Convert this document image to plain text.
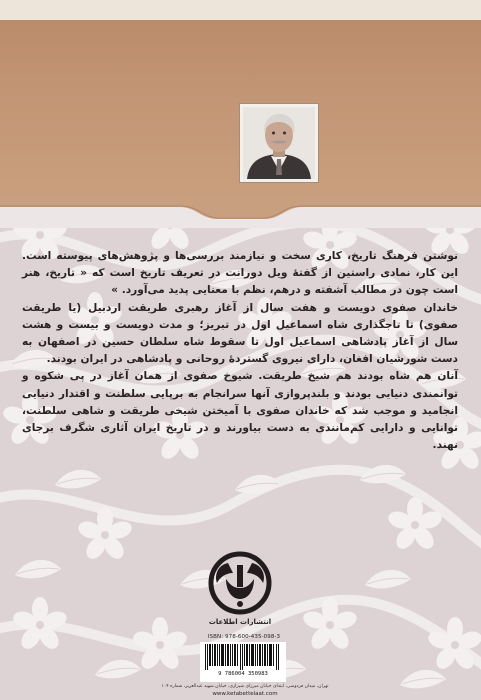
نوشتن فرهنگ تاریخ، کاری سخت و نیازمند بررسی‌ها و پژوهش‌های پیوسته است. این کار، نمادی راستین از گفتهٔ ویل دورانت در تعریف تاریخ است که « تاریخ، هنر است چون در مطالب آشفته و درهم، نظم با معنایی پدید می‌آورد. »

خاندان صفوی دویست و هفت سال از آغاز رهبری طریقت اردبیل (یا طریقت صفوی) تا تاجگذاری شاه اسماعیل اول در تبریز؛ و مدت دویست و بیست و هشت سال از آغاز پادشاهی اسماعیل اول تا سقوط شاه سلطان حسین در اصفهان به دست شورشیان افغان، دارای نیروی گستردهٔ روحانی و پادشاهی در ایران بودند.

آنان هم شاه بودند هم شیخ طریقت. شیوخ صفوی از همان آغاز در پی شکوه و توانمندی دنیایی بودند و بلندپروازی آنها سرانجام به برپایی سلطنت و اقتدار دنیایی انجامید و موجب شد که خاندان صفوی با آمیختن شیخی طریقت و شاهی سلطنت، توانایی و دارایی کم‌مانندی به دست بیاورند و در تاریخ ایران آثاری شگرف برجای نهند.

انتشارات اطلاعات
ISBN: 978-600-435-098-3
9 786004 350983
تهران، میدان فردوسی، ابتدای خیابان میرزای شیرازی، خیابان شهید عبدالعزیز، شماره ۱۰۴
www.ketabettelaat.com
